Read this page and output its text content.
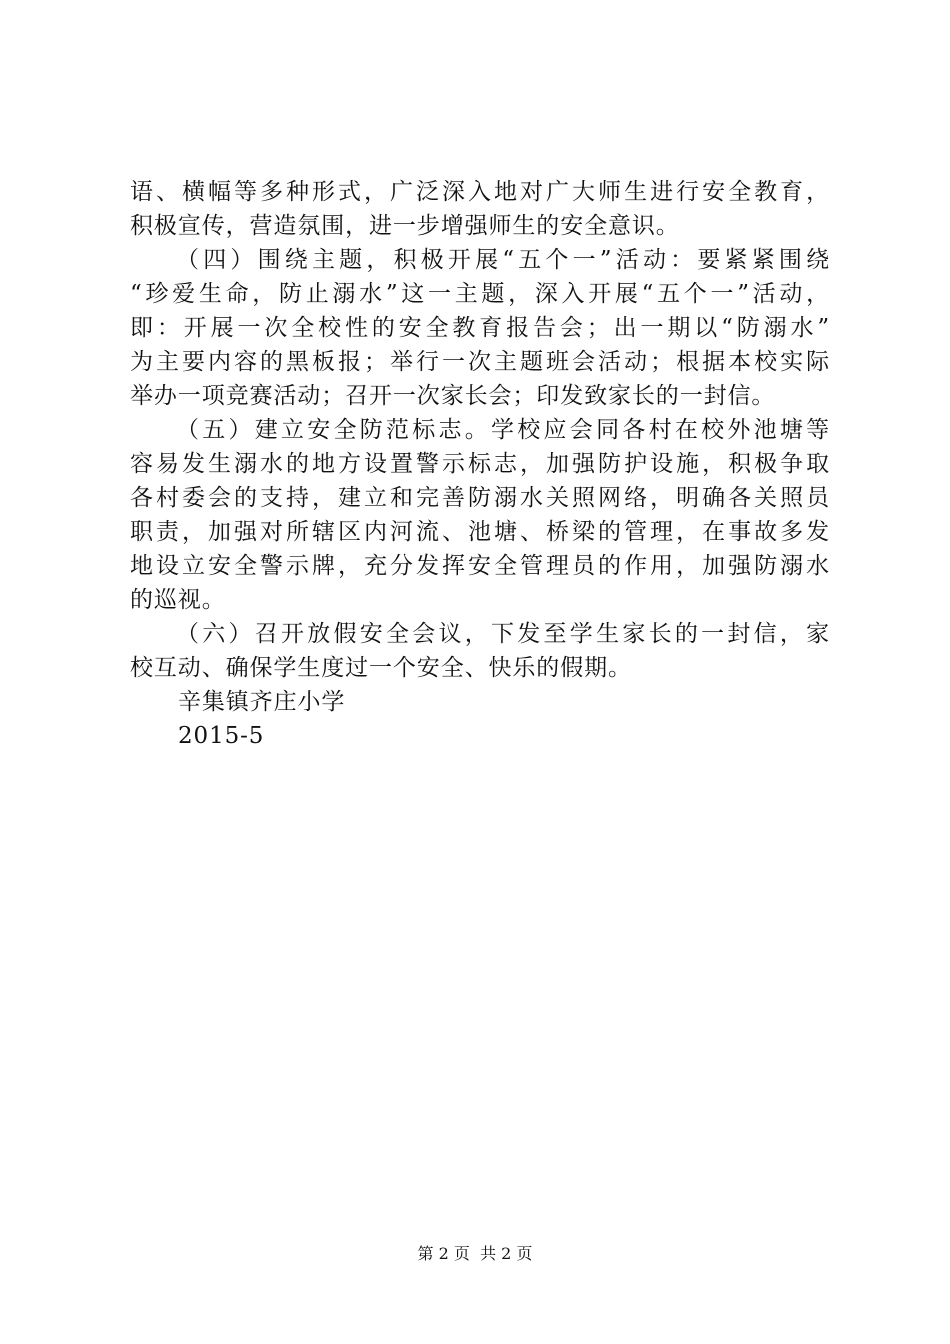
语、横幅等多种形式，广泛深入地对广大师生进行安全教育，
积极宣传，营造氛围，进一步增强师生的安全意识。
（四）围绕主题，积极开展“五个一”活动：要紧紧围绕
“珍爱生命，防止溺水”这一主题，深入开展“五个一”活动，
即：开展一次全校性的安全教育报告会；出一期以“防溺水”
为主要内容的黑板报；举行一次主题班会活动；根据本校实际
举办一项竞赛活动；召开一次家长会；印发致家长的一封信。
（五）建立安全防范标志。学校应会同各村在校外池塘等
容易发生溺水的地方设置警示标志，加强防护设施，积极争取
各村委会的支持，建立和完善防溺水关照网络，明确各关照员
职责，加强对所辖区内河流、池塘、桥梁的管理，在事故多发
地设立安全警示牌，充分发挥安全管理员的作用，加强防溺水
的巡视。
（六）召开放假安全会议，下发至学生家长的一封信，家
校互动、确保学生度过一个安全、快乐的假期。
辛集镇齐庄小学
2015-5
第 2 页  共 2 页
